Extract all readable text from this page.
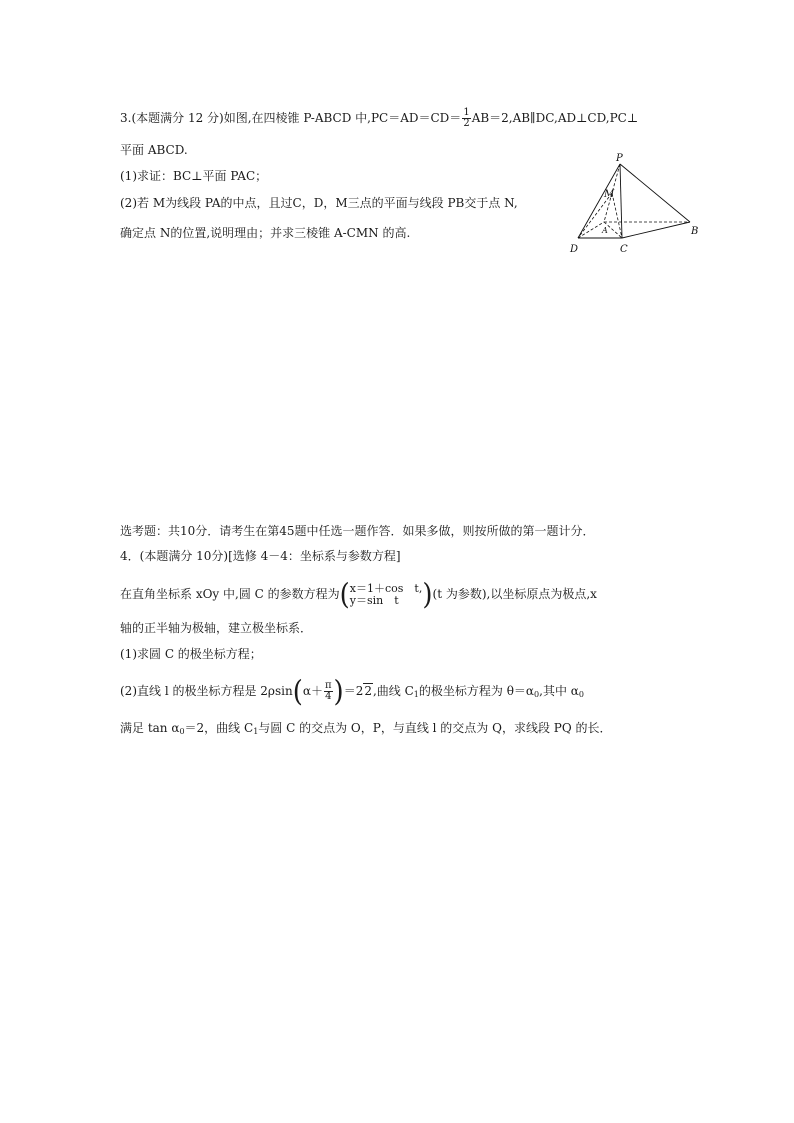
3.(本题满分 12 分)如图,在四棱锥 P-ABCD 中$,PC=AD=CD= \frac{1}{2}$ AB＝2,AB∥DC,AD⊥CD,PC⊥
平面 ABCD.
(1)求证：BC⊥平面 PAC；
(2)若 M为线段 PA的中点，且过C，D，M三点的平面与线段 PB交于点 N,
确定点 N的位置,说明理由；并求三棱锥 A-CMN 的高.
P
M
A	B
C
D
选考题：共10分．请考生在第45题中任选一题作答．如果多做，则按所做的第一题计分．
4．(本题满分 10分)[选修 4－4：坐标系与参数方程]
在直角坐标系 xOy 中,圆 C 的参数方程为( x＝1＋cos　t,
y＝sin　t )(t 为参数),以坐标原点为极点,x
轴的正半轴为极轴，建立极坐标系．
(1)求圆 C 的极坐标方程；
(2)直线 l 的极坐标方程是 $2\rho\sin(\alpha+ \frac{\pi}{4} )=22$,曲线 $C_1$的极坐标方程为 $\theta=\alpha_0$,其中 $\alpha_0$
满足 $\tan \alpha_0=2$，曲线 $C_1$与圆 C 的交点为 O，P，与直线 l 的交点为 Q，求线段 PQ 的长．
